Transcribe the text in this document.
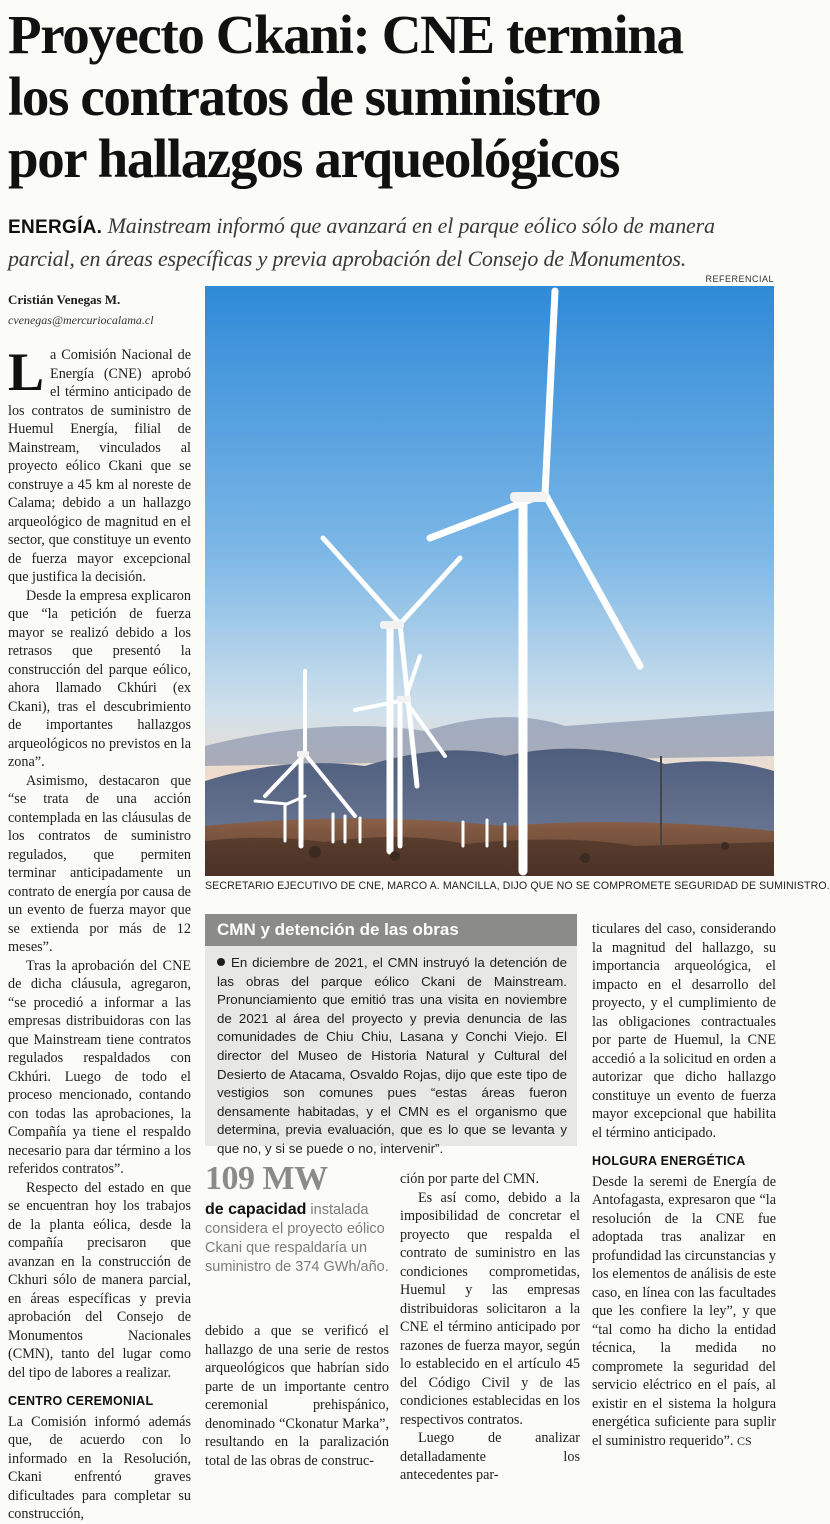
Proyecto Ckani: CNE termina
los contratos de suministro
por hallazgos arqueológicos
ENERGÍA. Mainstream informó que avanzará en el parque eólico sólo de manera parcial, en áreas específicas y previa aprobación del Consejo de Monumentos.
REFERENCIAL
SECRETARIO EJECUTIVO DE CNE, MARCO A. MANCILLA, DIJO QUE NO SE COMPROMETE SEGURIDAD DE SUMINISTRO.
Cristián Venegas M.
cvenegas@mercuriocalama.cl

La Comisión Nacional de Energía (CNE) aprobó el término anticipado de los contratos de suministro de Huemul Energía, filial de Mainstream, vinculados al proyecto eólico Ckani que se construye a 45 km al noreste de Calama; debido a un hallazgo arqueológico de magnitud en el sector, que constituye un evento de fuerza mayor excepcional que justifica la decisión.

Desde la empresa explicaron que “la petición de fuerza mayor se realizó debido a los retrasos que presentó la construcción del parque eólico, ahora llamado Ckhúri (ex Ckani), tras el descubrimiento de importantes hallazgos arqueológicos no previstos en la zona”.

Asimismo, destacaron que “se trata de una acción contemplada en las cláusulas de los contratos de suministro regulados, que permiten terminar anticipadamente un contrato de energía por causa de un evento de fuerza mayor que se extienda por más de 12 meses”.

Tras la aprobación del CNE de dicha cláusula, agregaron, “se procedió a informar a las empresas distribuidoras con las que Mainstream tiene contratos regulados respaldados con Ckhúri. Luego de todo el proceso mencionado, contando con todas las aprobaciones, la Compañía ya tiene el respaldo necesario para dar término a los referidos contratos”.

Respecto del estado en que se encuentran hoy los trabajos de la planta eólica, desde la compañía precisaron que avanzan en la construcción de Ckhuri sólo de manera parcial, en áreas específicas y previa aprobación del Consejo de Monumentos Nacionales (CMN), tanto del lugar como del tipo de labores a realizar.

CENTRO CEREMONIAL

La Comisión informó además que, de acuerdo con lo informado en la Resolución, Ckani enfrentó graves dificultades para completar su construcción,

CMN y detención de las obras
En diciembre de 2021, el CMN instruyó la detención de las obras del parque eólico Ckani de Mainstream. Pronunciamiento que emitió tras una visita en noviembre de 2021 al área del proyecto y previa denuncia de las comunidades de Chiu Chiu, Lasana y Conchi Viejo. El director del Museo de Historia Natural y Cultural del Desierto de Atacama, Osvaldo Rojas, dijo que este tipo de vestigios son comunes pues “estas áreas fueron densamente habitadas, y el CMN es el organismo que determina, previa evaluación, que es lo que se levanta y que no, y si se puede o no, intervenir”.
109 MW
de capacidad instalada considera el proyecto eólico Ckani que respaldaría un suministro de 374 GWh/año.

debido a que se verificó el hallazgo de una serie de restos arqueológicos que habrían sido parte de un importante centro ceremonial prehispánico, denominado “Ckonatur Marka”, resultando en la paralización total de las obras de construc-

ción por parte del CMN.

Es así como, debido a la imposibilidad de concretar el proyecto que respalda el contrato de suministro en las condiciones comprometidas, Huemul y las empresas distribuidoras solicitaron a la CNE el término anticipado por razones de fuerza mayor, según lo establecido en el artículo 45 del Código Civil y de las condiciones establecidas en los respectivos contratos.

Luego de analizar detalladamente los antecedentes par-

ticulares del caso, considerando la magnitud del hallazgo, su importancia arqueológica, el impacto en el desarrollo del proyecto, y el cumplimiento de las obligaciones contractuales por parte de Huemul, la CNE accedió a la solicitud en orden a autorizar que dicho hallazgo constituye un evento de fuerza mayor excepcional que habilita el término anticipado.

HOLGURA ENERGÉTICA

Desde la seremi de Energía de Antofagasta, expresaron que “la resolución de la CNE fue adoptada tras analizar en profundidad las circunstancias y los elementos de análisis de este caso, en línea con las facultades que les confiere la ley”, y que “tal como ha dicho la entidad técnica, la medida no compromete la seguridad del servicio eléctrico en el país, al existir en el sistema la holgura energética suficiente para suplir el suministro requerido”. CS
